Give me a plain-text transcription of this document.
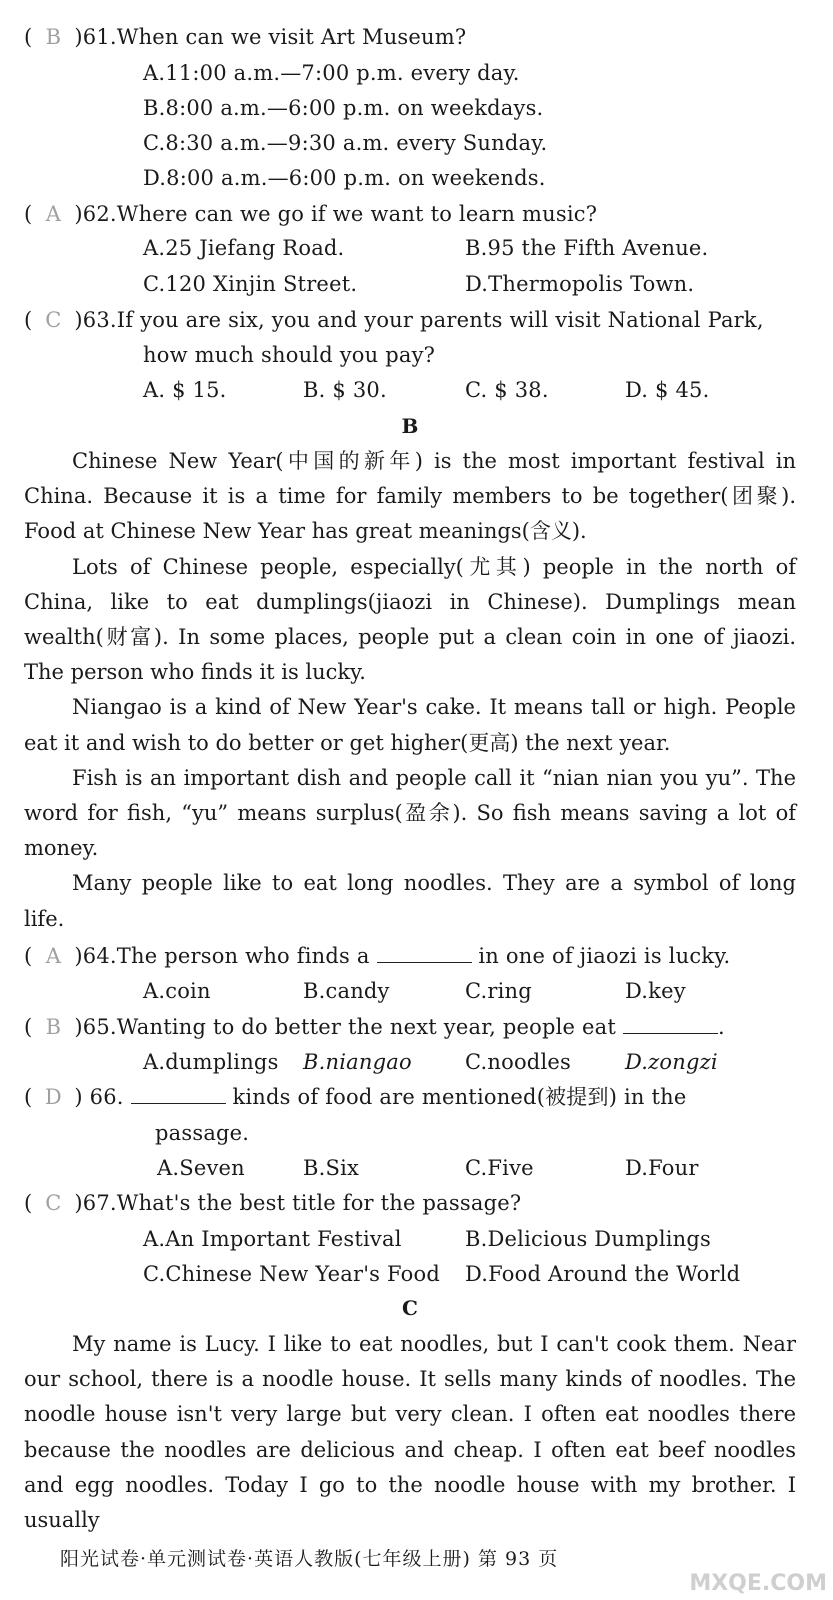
( B )61.When can we visit Art Museum?
A.11:00 a.m.—7:00 p.m. every day.
B.8:00 a.m.—6:00 p.m. on weekdays.
C.8:30 a.m.—9:30 a.m. every Sunday.
D.8:00 a.m.—6:00 p.m. on weekends.
( A )62.Where can we go if we want to learn music?
A.25 Jiefang Road.	B.95 the Fifth Avenue.
C.120 Xinjin Street.	D.Thermopolis Town.
( C )63.If you are six, you and your parents will visit National Park,
how much should you pay?
A. $ 15.	B. $ 30.	C. $ 38.	D. $ 45.
B

Chinese New Year(中国的新年) is the most important festival in China. Because it is a time for family members to be together(团聚). Food at Chinese New Year has great meanings(含义).

Lots of Chinese people, especially(尤其) people in the north of China, like to eat dumplings(jiaozi in Chinese). Dumplings mean wealth(财富). In some places, people put a clean coin in one of jiaozi. The person who finds it is lucky.

Niangao is a kind of New Year's cake. It means tall or high. People eat it and wish to do better or get higher(更高) the next year.

Fish is an important dish and people call it “nian nian you yu”. The word for fish, “yu” means surplus(盈余). So fish means saving a lot of money.

Many people like to eat long noodles. They are a symbol of long life.

( A )64.The person who finds a	in one of jiaozi is lucky.
A.coin	B.candy	C.ring	D.key
( B )65.Wanting to do better the next year, people eat	.
A.dumplings B.niangao	C.noodles	D.zongzi
( D ) 66.	kinds of food are mentioned(被提到) in the
passage.
A.Seven	B.Six	C.Five	D.Four
( C )67.What's the best title for the passage?
A.An Important Festival	B.Delicious Dumplings
C.Chinese New Year's Food D.Food Around the World
C

My name is Lucy. I like to eat noodles, but I can't cook them. Near our school, there is a noodle house. It sells many kinds of noodles. The noodle house isn't very large but very clean. I often eat noodles there because the noodles are delicious and cheap. I often eat beef noodles and egg noodles. Today I go to the noodle house with my brother. I usually

阳光试卷·单元测试卷·英语人教版(七年级上册) 第 93 页
MXQE.COM
